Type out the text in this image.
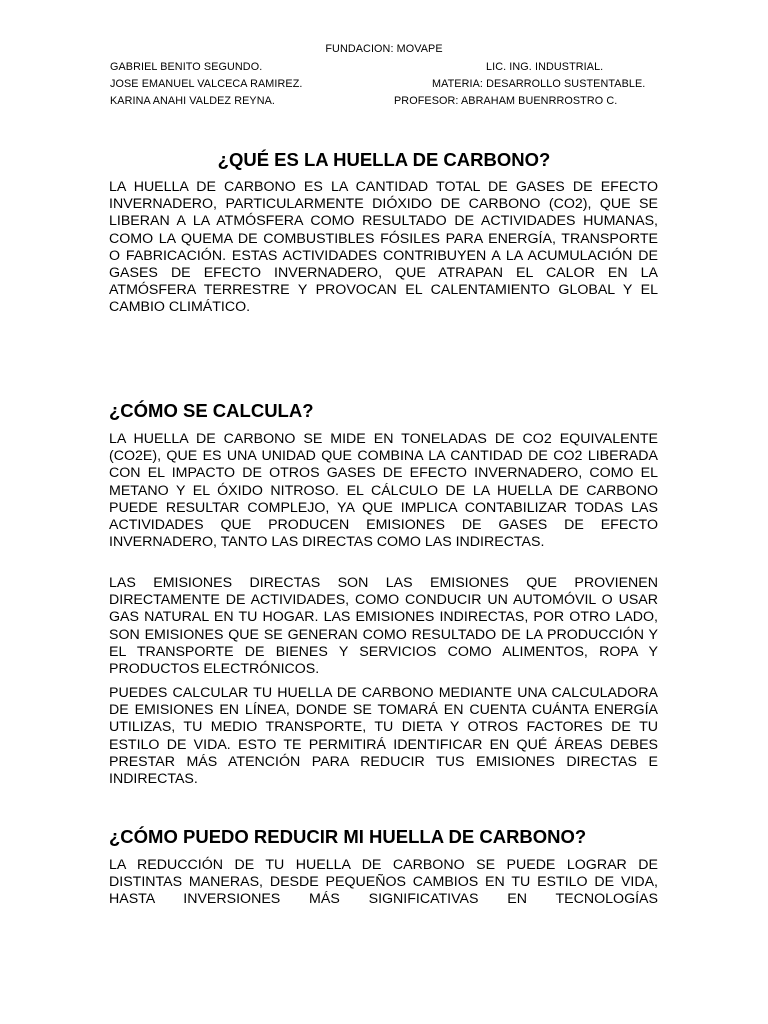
FUNDACION: MOVAPE
GABRIEL BENITO SEGUNDO.	LIC. ING. INDUSTRIAL.
JOSE EMANUEL VALCECA RAMIREZ.	MATERIA: DESARROLLO SUSTENTABLE.
KARINA ANAHI VALDEZ REYNA.	PROFESOR: ABRAHAM BUENRROSTRO C.
¿QUÉ ES LA HUELLA DE CARBONO?

LA HUELLA DE CARBONO ES LA CANTIDAD TOTAL DE GASES DE EFECTO INVERNADERO, PARTICULARMENTE DIÓXIDO DE CARBONO (CO2), QUE SE LIBERAN A LA ATMÓSFERA COMO RESULTADO DE ACTIVIDADES HUMANAS, COMO LA QUEMA DE COMBUSTIBLES FÓSILES PARA ENERGÍA, TRANSPORTE O FABRICACIÓN. ESTAS ACTIVIDADES CONTRIBUYEN A LA ACUMULACIÓN DE GASES DE EFECTO INVERNADERO, QUE ATRAPAN EL CALOR EN LA ATMÓSFERA TERRESTRE Y PROVOCAN EL CALENTAMIENTO GLOBAL Y EL CAMBIO CLIMÁTICO.

¿CÓMO SE CALCULA?

LA HUELLA DE CARBONO SE MIDE EN TONELADAS DE CO2 EQUIVALENTE (CO2E), QUE ES UNA UNIDAD QUE COMBINA LA CANTIDAD DE CO2 LIBERADA CON EL IMPACTO DE OTROS GASES DE EFECTO INVERNADERO, COMO EL METANO Y EL ÓXIDO NITROSO. EL CÁLCULO DE LA HUELLA DE CARBONO PUEDE RESULTAR COMPLEJO, YA QUE IMPLICA CONTABILIZAR TODAS LAS ACTIVIDADES QUE PRODUCEN EMISIONES DE GASES DE EFECTO INVERNADERO, TANTO LAS DIRECTAS COMO LAS INDIRECTAS.

LAS EMISIONES DIRECTAS SON LAS EMISIONES QUE PROVIENEN DIRECTAMENTE DE ACTIVIDADES, COMO CONDUCIR UN AUTOMÓVIL O USAR GAS NATURAL EN TU HOGAR. LAS EMISIONES INDIRECTAS, POR OTRO LADO, SON EMISIONES QUE SE GENERAN COMO RESULTADO DE LA PRODUCCIÓN Y EL TRANSPORTE DE BIENES Y SERVICIOS COMO ALIMENTOS, ROPA Y PRODUCTOS ELECTRÓNICOS.

PUEDES CALCULAR TU HUELLA DE CARBONO MEDIANTE UNA CALCULADORA DE EMISIONES EN LÍNEA, DONDE SE TOMARÁ EN CUENTA CUÁNTA ENERGÍA UTILIZAS, TU MEDIO TRANSPORTE, TU DIETA Y OTROS FACTORES DE TU ESTILO DE VIDA. ESTO TE PERMITIRÁ IDENTIFICAR EN QUÉ ÁREAS DEBES PRESTAR MÁS ATENCIÓN PARA REDUCIR TUS EMISIONES DIRECTAS E INDIRECTAS.

¿CÓMO PUEDO REDUCIR MI HUELLA DE CARBONO?

LA REDUCCIÓN DE TU HUELLA DE CARBONO SE PUEDE LOGRAR DE DISTINTAS MANERAS, DESDE PEQUEÑOS CAMBIOS EN TU ESTILO DE VIDA, HASTA INVERSIONES MÁS SIGNIFICATIVAS EN TECNOLOGÍAS
